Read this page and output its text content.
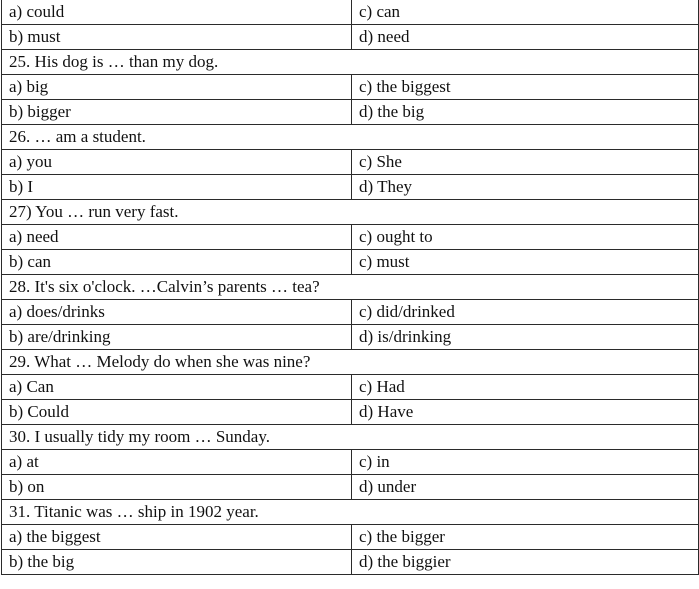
a) could	c) can
b) must	d) need
25. His dog is … than my dog.	
a) big	c) the biggest
b) bigger	d) the big
26. … am a student.	
a) you	c) She
b) I	d) They
27) You … run very fast.	
a) need	c) ought to
b) can	c) must
28. It's six o'clock. …Calvin’s parents … tea?	
a) does/drinks	c) did/drinked
b) are/drinking	d) is/drinking
29. What … Melody do when she was nine?	
a) Can	c) Had
b) Could	d) Have
30. I usually tidy my room … Sunday.	
a) at	c) in
b) on	d) under
31. Titanic was … ship in 1902 year.	
a) the biggest	c) the bigger
b) the big	d) the biggier
